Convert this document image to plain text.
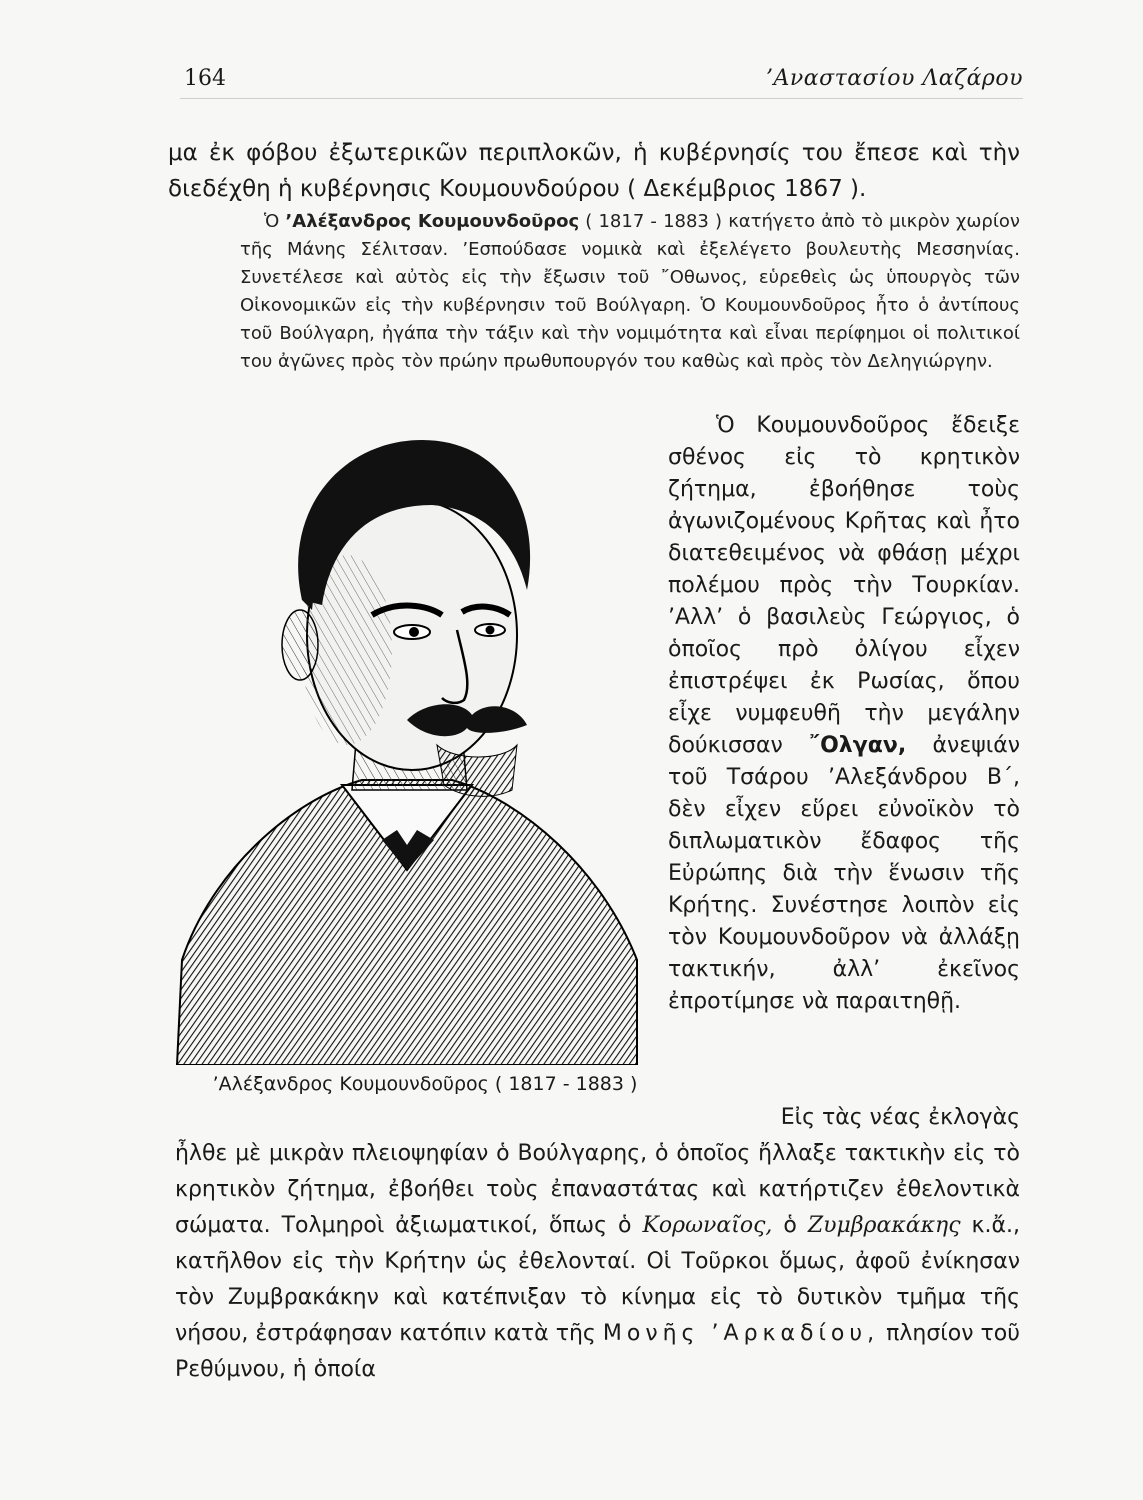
164	’Αναστασίου Λαζάρου
μα ἐκ φόβου ἐξωτερικῶν περιπλοκῶν, ἡ κυβέρνησίς του ἔπεσε καὶ τὴν διεδέχθη ἡ κυβέρνησις Κουμουνδούρου ( Δεκέμβριος 1867 ).
Ὁ ’Αλέξανδρος Κουμουνδοῦρος ( 1817 - 1883 ) κατήγετο ἀπὸ τὸ μικρὸν χωρίον τῆς Μάνης Σέλιτσαν. ’Εσπούδασε νομικὰ καὶ ἐξελέγετο βουλευτὴς Μεσσηνίας. Συνετέλεσε καὶ αὐτὸς εἰς τὴν ἔξωσιν τοῦ ῎Οθωνος, εὑρεθεὶς ὡς ὑπουργὸς τῶν Οἰκονομικῶν εἰς τὴν κυβέρνησιν τοῦ Βούλγαρη. Ὁ Κουμουνδοῦρος ἦτο ὁ ἀντίπους τοῦ Βούλγαρη, ἠγάπα τὴν τάξιν καὶ τὴν νομιμότητα καὶ εἶναι περίφημοι οἱ πολιτικοί του ἀγῶνες πρὸς τὸν πρώην πρωθυπουργόν του καθὼς καὶ πρὸς τὸν Δεληγιώργην.
’Αλέξανδρος Κουμουνδοῦρος ( 1817 - 1883 )

Ὁ Κουμουνδοῦρος ἔδειξε σθένος εἰς τὸ κρητικὸν ζήτημα, ἐβοήθησε τοὺς ἀγωνιζομένους Κρῆτας καὶ ἦτο διατεθειμένος νὰ φθάσῃ μέχρι πολέμου πρὸς τὴν Τουρκίαν. ’Αλλ’ ὁ βασιλεὺς Γεώργιος, ὁ ὁποῖος πρὸ ὀλίγου εἶχεν ἐπιστρέψει ἐκ Ρωσίας, ὅπου εἶχε νυμφευθῆ τὴν μεγάλην δούκισσαν ῎Ολγαν, ἀνεψιάν τοῦ Τσάρου ’Αλεξάνδρου Β΄, δὲν εἶχεν εὕρει εὐνοϊκὸν τὸ διπλωματικὸν ἔδαφος τῆς Εὐρώπης διὰ τὴν ἕνωσιν τῆς Κρήτης. Συνέστησε λοιπὸν εἰς τὸν Κουμουνδοῦρον νὰ ἀλλάξῃ τακτικήν, ἀλλ’ ἐκεῖνος ἐπροτίμησε νὰ παραιτηθῇ.

Εἰς τὰς νέας ἐκλογὰς
ἦλθε μὲ μικρὰν πλειοψηφίαν ὁ Βούλγαρης, ὁ ὁποῖος ἤλλαξε τακτικὴν εἰς τὸ κρητικὸν ζήτημα, ἐβοήθει τοὺς ἐπαναστάτας καὶ κατήρτιζεν ἐθελοντικὰ σώματα. Τολμηροὶ ἀξιωματικοί, ὅπως ὁ Κορωναῖος, ὁ Ζυμβρακάκης κ.ἄ., κατῆλθον εἰς τὴν Κρήτην ὡς ἐθελονταί. Οἱ Τοῦρκοι ὅμως, ἀφοῦ ἐνίκησαν τὸν Ζυμβρακάκην καὶ κατέπνιξαν τὸ κίνημα εἰς τὸ δυτικὸν τμῆμα τῆς νήσου, ἐστράφησαν κατόπιν κατὰ τῆς Μονῆς ’Αρκαδίου, πλησίον τοῦ Ρεθύμνου, ἡ ὁποία
